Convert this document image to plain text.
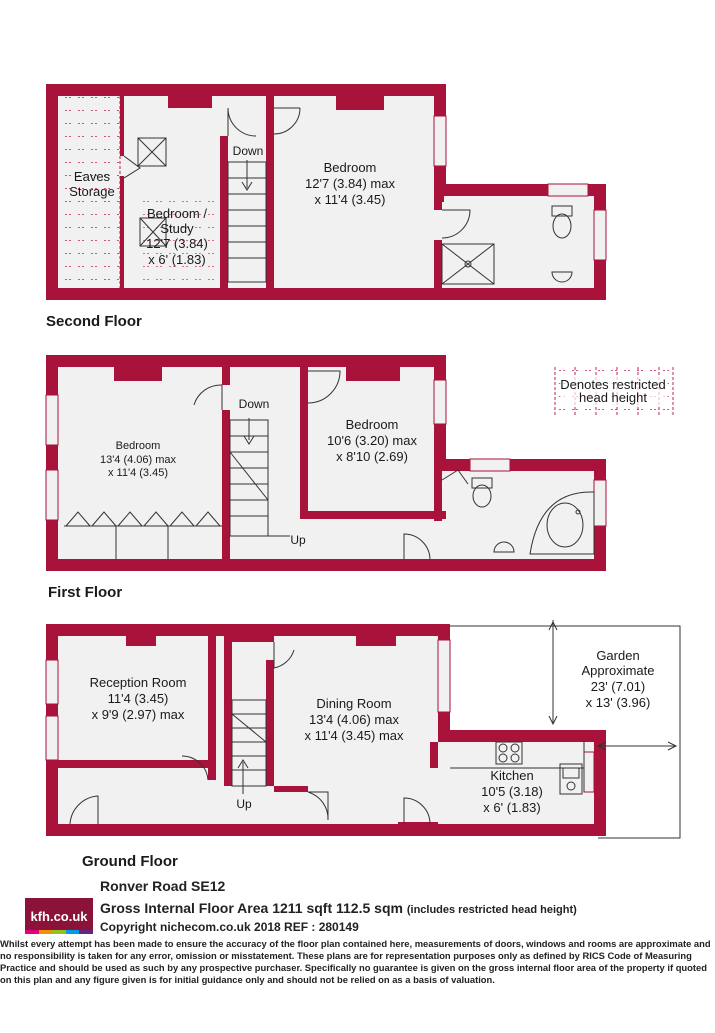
Second Floor
Eaves
Storage
Bedroom /
Study
12'7 (3.84)
x 6' (1.83)
Down
Bedroom
12'7 (3.84) max
x 11'4 (3.45)
Denotes restricted
head height
First Floor
Bedroom
13'4 (4.06) max
x 11'4 (3.45)
Down
Up
Bedroom
10'6 (3.20) max
x 8'10 (2.69)
Ground Floor
Reception Room
11'4 (3.45)
x 9'9 (2.97) max
Dining Room
13'4 (4.06) max
x 11'4 (3.45) max
Up
Kitchen
10'5 (3.18)
x 6' (1.83)
Garden
Approximate
23' (7.01)
x 13' (3.96)
kfh.co.uk
Ronver Road SE12
Gross Internal Floor Area 1211 sqft 112.5 sqm (includes restricted head height)
Copyright nichecom.co.uk 2018 REF : 280149
Whilst every attempt has been made to ensure the accuracy of the floor plan contained here, measurements of doors, windows and rooms are approximate and no responsibility is taken for any error, omission or misstatement. These plans are for representation purposes only as defined by RICS Code of Measuring Practice and should be used as such by any prospective purchaser. Specifically no guarantee is given on the gross internal floor area of the property if quoted on this plan and any figure given is for initial guidance only and should not be relied on as a basis of valuation.
